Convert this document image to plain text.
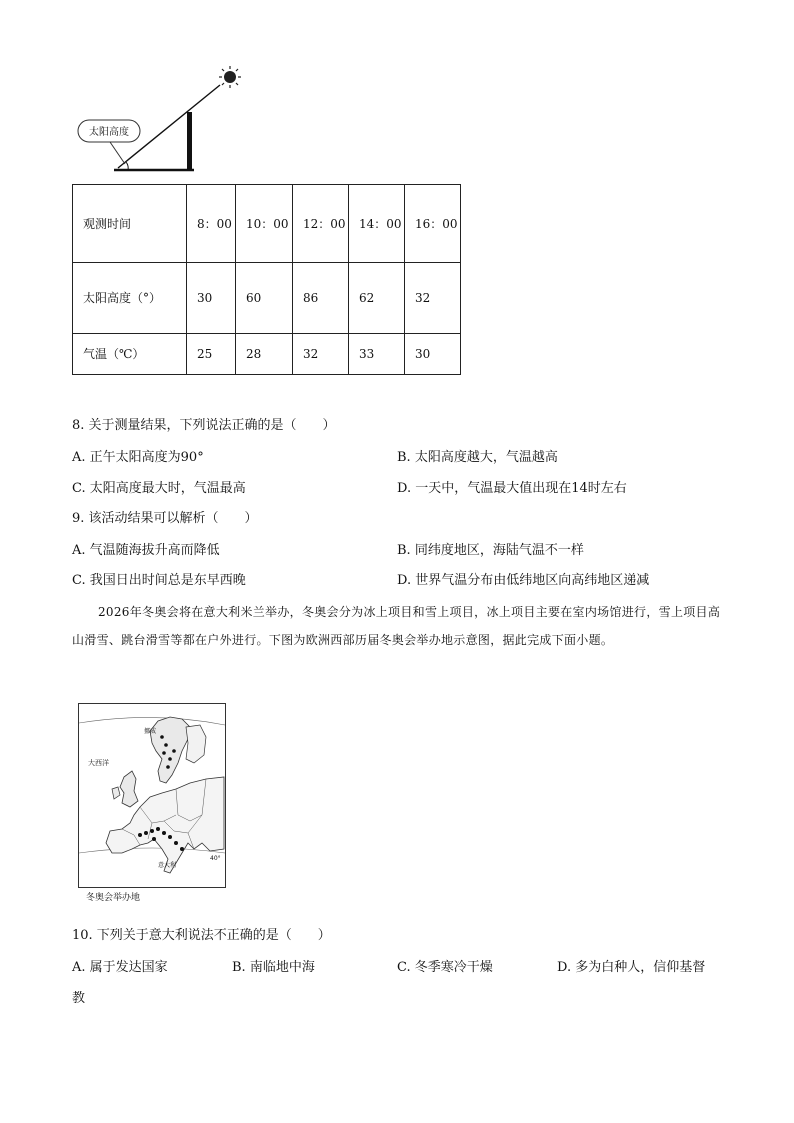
太阳高度
观测时间	8：00	10：00	12：00	14：00	16：00
太阳高度（°）	30	60	86	62	32
气温（℃）	25	28	32	33	30
8. 关于测量结果，下列说法正确的是（　　）
A. 正午太阳高度为90°	B. 太阳高度越大，气温越高
C. 太阳高度最大时，气温最高	D. 一天中，气温最大值出现在14时左右
9. 该活动结果可以解析（　　）
A. 气温随海拔升高而降低	B. 同纬度地区，海陆气温不一样
C. 我国日出时间总是东早西晚	D. 世界气温分布由低纬地区向高纬地区递减
2026年冬奥会将在意大利米兰举办，冬奥会分为冰上项目和雪上项目，冰上项目主要在室内场馆进行，雪上项目高山滑雪、跳台滑雪等都在户外进行。下图为欧洲西部历届冬奥会举办地示意图，据此完成下面小题。
挪威
大西洋
意大利
40°
冬奥会举办地
10. 下列关于意大利说法不正确的是（　　）
A. 属于发达国家	B. 南临地中海	C. 冬季寒冷干燥	D. 多为白种人，信仰基督
教
